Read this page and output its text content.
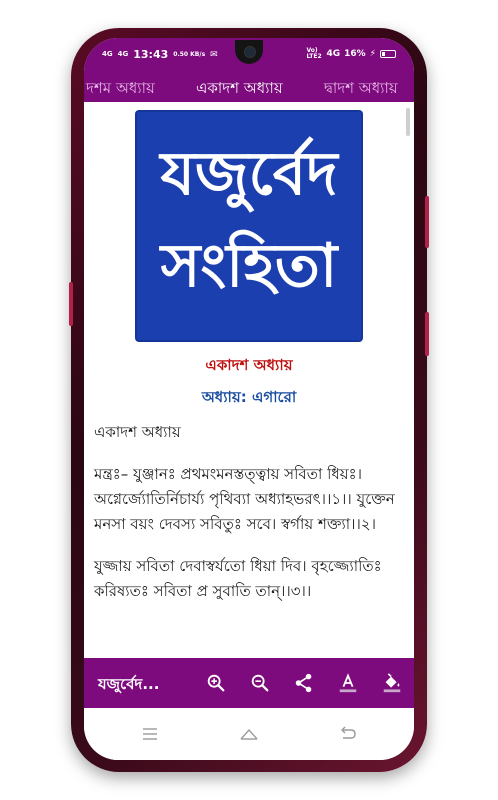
4G 4G 13:43 0.50 KB/s ✉	Vo) LTE2 4G 16% ⚡
দশম অধ্যায়	একাদশ অধ্যায়	দ্বাদশ অধ্যায়
যজুর্বেদ
সংহিতা
একাদশ অধ্যায়
অধ্যায়: এগারো

একাদশ অধ্যায়

মন্ত্রঃ– যুঞ্জানঃ প্রথমংমনস্তত্ত্বায় সবিতা ধিয়ঃ। অগ্নের্জ্যোতির্নিচার্য্য পৃথিব্যা অধ্যাহভরৎ।।১।। যুক্তেন মনসা বয়ং দেবস্য সবিতুঃ সবে। স্বর্গায় শক্ত্যা।।২।

যুজ্জায় সবিতা দেবাস্বর্যতো ধিয়া দিব। বৃহজ্জ্যোতিঃ করিষ্যতঃ সবিতা প্র সুবাতি তান্।।৩।।

যজুর্বেদ...
